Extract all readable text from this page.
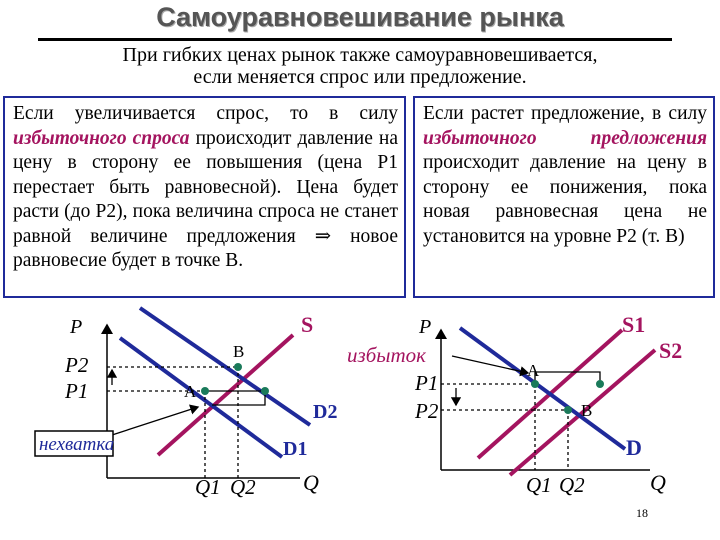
Самоуравновешивание рынка
При гибких ценах рынок также самоуравновешивается,
если меняется спрос или предложение.
Если увеличивается спрос, то в силу избыточного спроса происходит давление на цену в сторону ее повышения (цена P1 перестает быть равновесной). Цена будет расти (до P2), пока величина спроса не станет равной величине предложения ⇒ новое равновесие будет в точке B.
Если растет предложение, в силу избыточного предложения происходит давление на цену в сторону ее понижения, пока новая равновесная цена не установится на уровне P2 (т. B)
P
Q
S
D1
D2
A
B
P2
P1
Q1 Q2
нехватка
P
Q
S1
S2
D
A
B
избыток
P1
P2
Q1 Q2
18
